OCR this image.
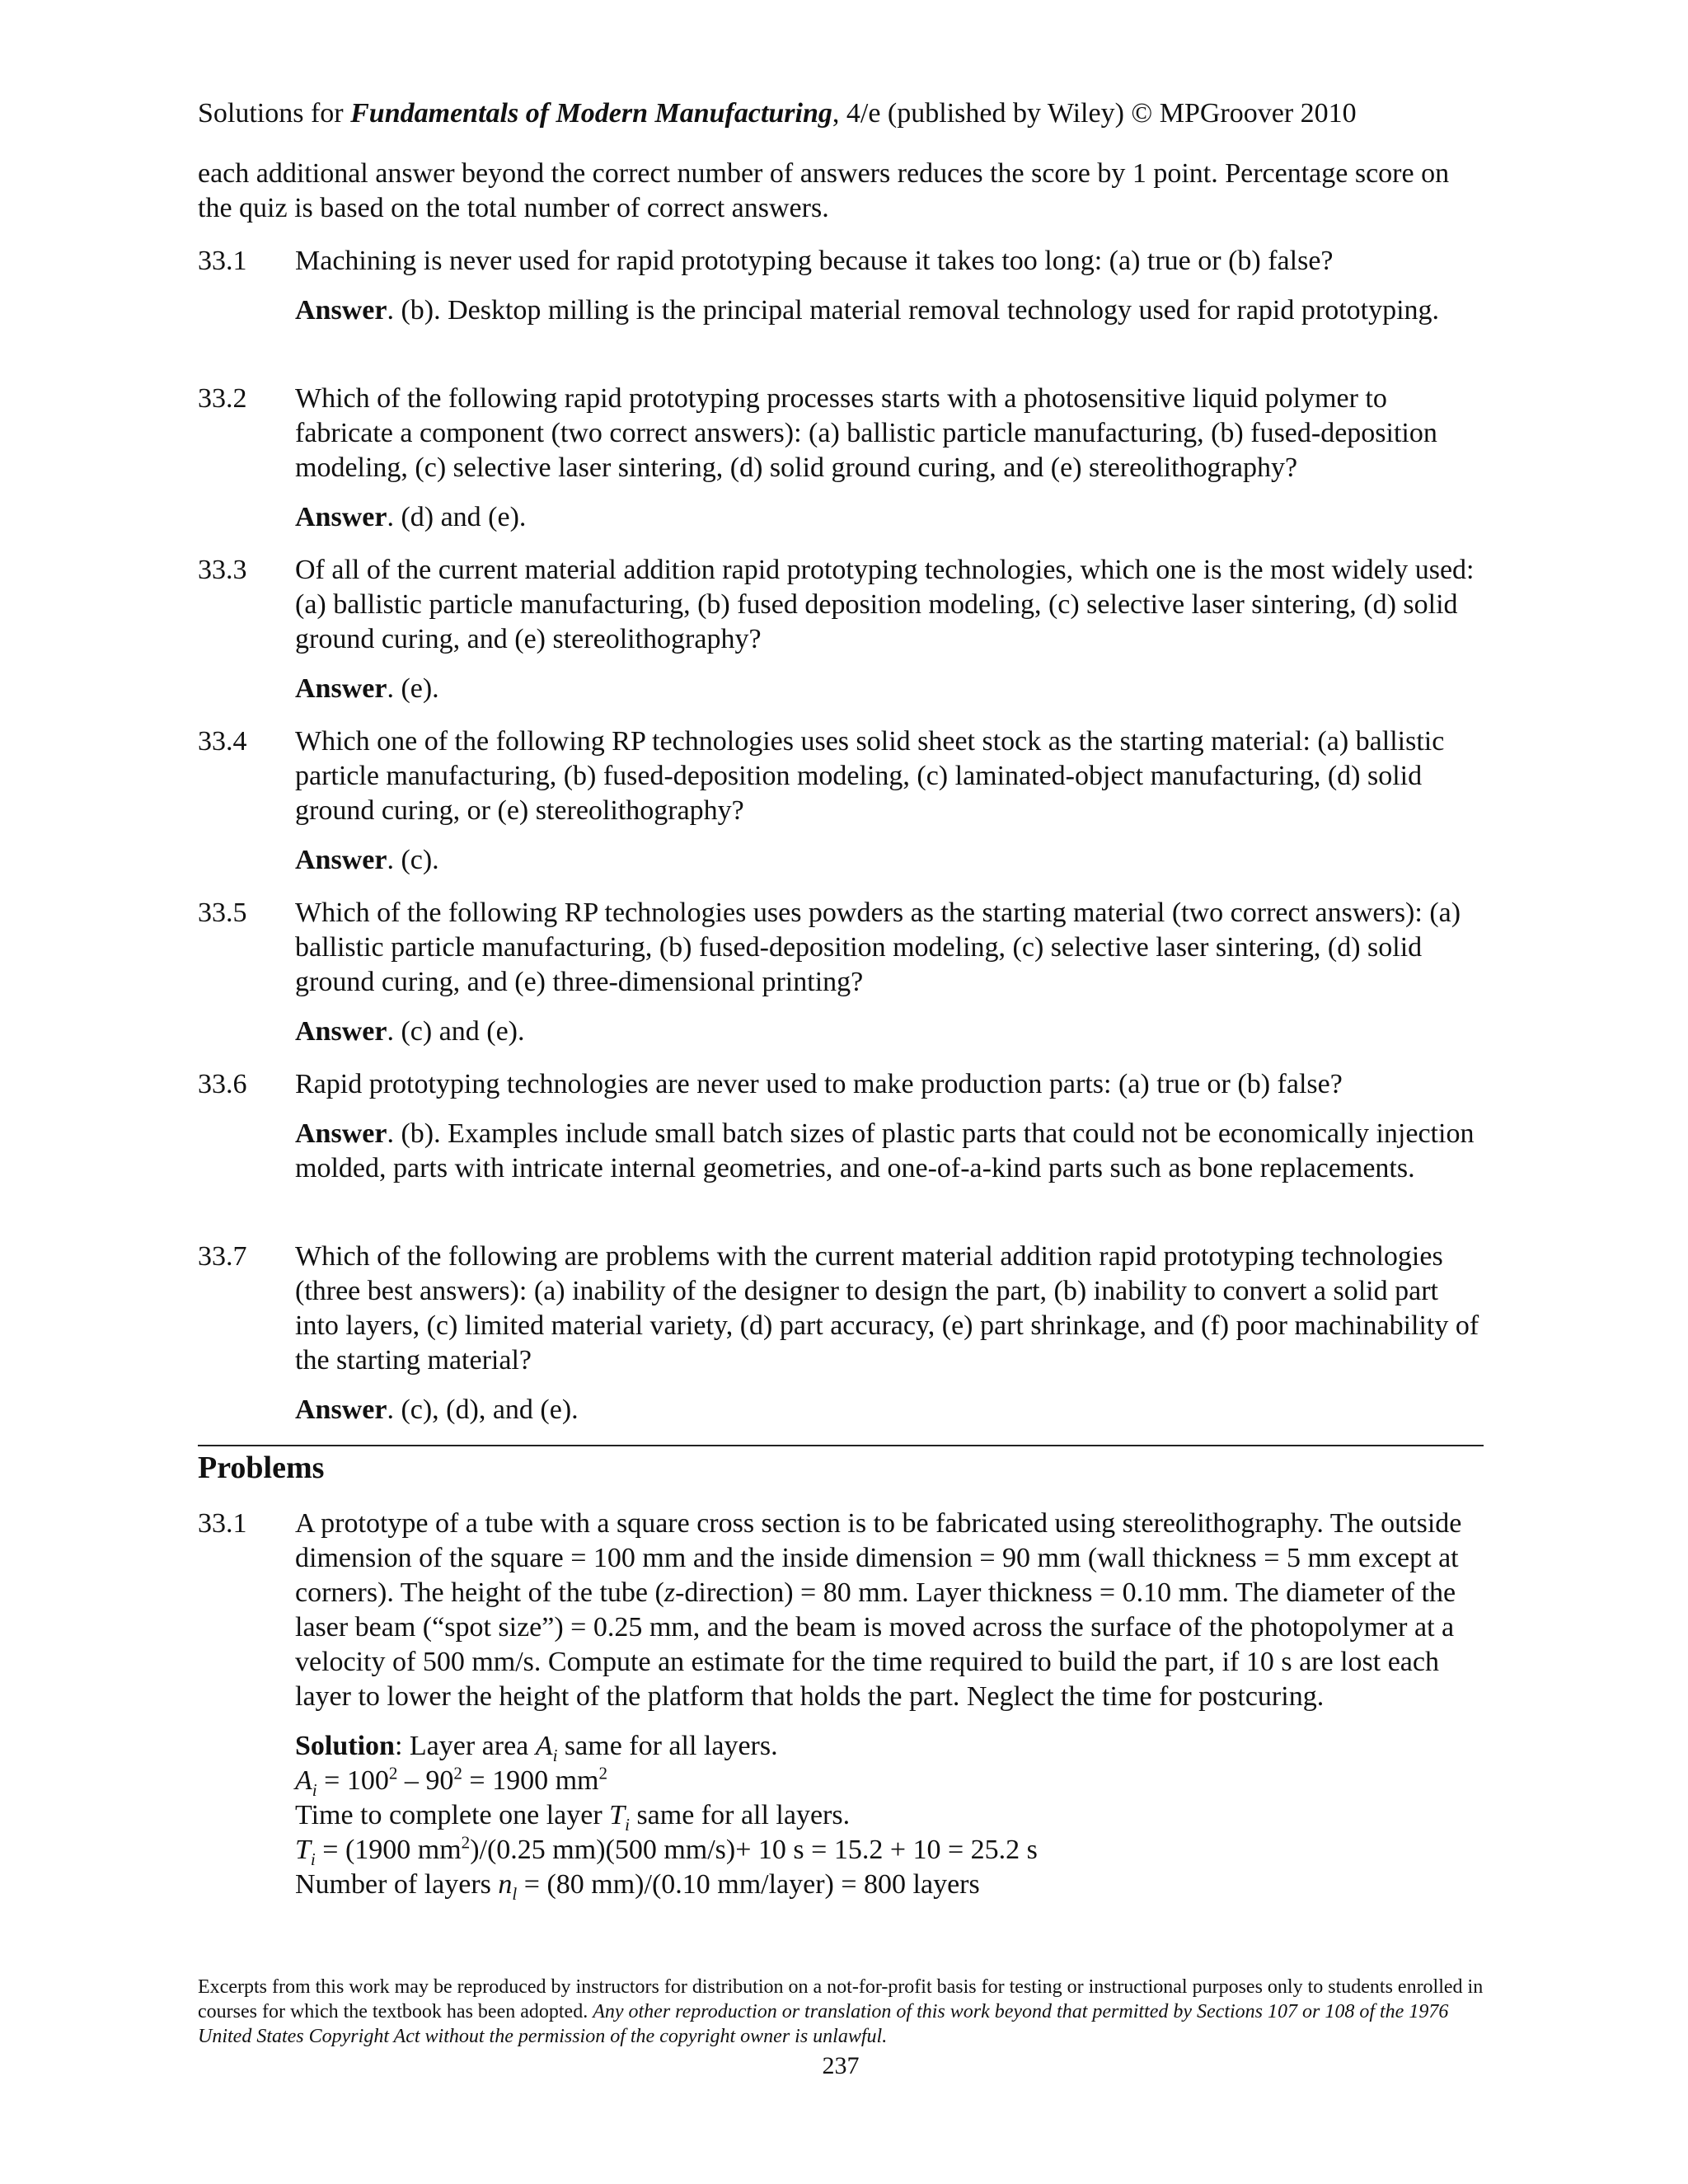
Solutions for Fundamentals of Modern Manufacturing, 4/e (published by Wiley) © MPGroover 2010
each additional answer beyond the correct number of answers reduces the score by 1 point. Percentage score on the quiz is based on the total number of correct answers.
33.1	Machining is never used for rapid prototyping because it takes too long: (a) true or (b) false?
Answer. (b). Desktop milling is the principal material removal technology used for rapid prototyping.
33.2	Which of the following rapid prototyping processes starts with a photosensitive liquid polymer to fabricate a component (two correct answers): (a) ballistic particle manufacturing, (b) fused-deposition modeling, (c) selective laser sintering, (d) solid ground curing, and (e) stereolithography?
Answer. (d) and (e).
33.3	Of all of the current material addition rapid prototyping technologies, which one is the most widely used: (a) ballistic particle manufacturing, (b) fused deposition modeling, (c) selective laser sintering, (d) solid ground curing, and (e) stereolithography?
Answer. (e).
33.4	Which one of the following RP technologies uses solid sheet stock as the starting material: (a) ballistic particle manufacturing, (b) fused-deposition modeling, (c) laminated-object manufacturing, (d) solid ground curing, or (e) stereolithography?
Answer. (c).
33.5	Which of the following RP technologies uses powders as the starting material (two correct answers): (a) ballistic particle manufacturing, (b) fused-deposition modeling, (c) selective laser sintering, (d) solid ground curing, and (e) three-dimensional printing?
Answer. (c) and (e).
33.6	Rapid prototyping technologies are never used to make production parts: (a) true or (b) false?
Answer. (b). Examples include small batch sizes of plastic parts that could not be economically injection molded, parts with intricate internal geometries, and one-of-a-kind parts such as bone replacements.
33.7	Which of the following are problems with the current material addition rapid prototyping technologies (three best answers): (a) inability of the designer to design the part, (b) inability to convert a solid part into layers, (c) limited material variety, (d) part accuracy, (e) part shrinkage, and (f) poor machinability of the starting material?
Answer. (c), (d), and (e).
Problems
33.1	A prototype of a tube with a square cross section is to be fabricated using stereolithography. The outside dimension of the square = 100 mm and the inside dimension = 90 mm (wall thickness = 5 mm except at corners). The height of the tube (z-direction) = 80 mm. Layer thickness = 0.10 mm. The diameter of the laser beam (“spot size”) = 0.25 mm, and the beam is moved across the surface of the photopolymer at a velocity of 500 mm/s. Compute an estimate for the time required to build the part, if 10 s are lost each layer to lower the height of the platform that holds the part. Neglect the time for postcuring.
Solution: Layer area $A_i$ same for all layers.
$A_i = 100^2 - 90^2 = 1900$ $mm^2$
Time to complete one layer $T_i$ same for all layers.
$T_i = (1900$ $mm^2)/(0.25$ mm)(500 mm/s)+ 10 s = 15.2 + 10 = 25.2 s
Number of layers $n_l = (80$ mm)/(0.10 mm/layer) = 800 layers
Excerpts from this work may be reproduced by instructors for distribution on a not-for-profit basis for testing or instructional purposes only to students enrolled in courses for which the textbook has been adopted. Any other reproduction or translation of this work beyond that permitted by Sections 107 or 108 of the 1976 United States Copyright Act without the permission of the copyright owner is unlawful.
237
